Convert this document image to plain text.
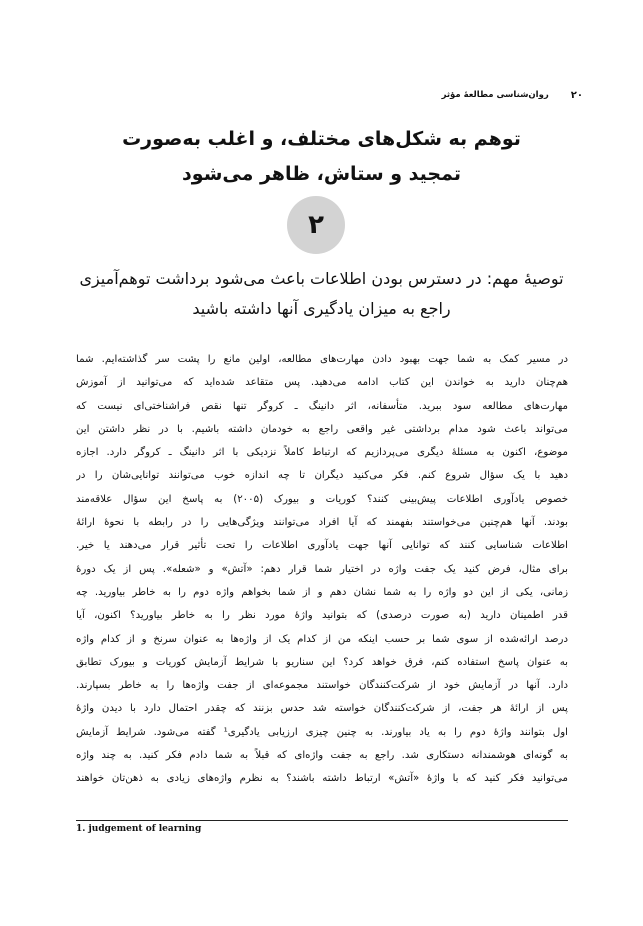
۲۰
روان‌شناسی مطالعهٔ مؤثر
توهم به شکل‌های مختلف، و اغلب به‌صورت
تمجید و ستاش، ظاهر می‌شود
۲
توصیهٔ مهم: در دسترس بودن اطلاعات باعث می‌شود برداشت توهم‌آمیزی
راجع به میزان یادگیری آنها داشته باشید
در مسیر کمک به شما جهت بهبود دادن مهارت‌های مطالعه، اولین مانع را پشت سر گذاشته‌ایم. شما
هم‌چنان دارید به خواندن این کتاب ادامه می‌دهید. پس متقاعد شده‌اید که می‌توانید از آموزش
مهارت‌های مطالعه سود ببرید. متأسفانه، اثر دانینگ ـ کروگر تنها نقص فراشناختی‌ای نیست که
می‌تواند باعث شود مدام برداشتی غیر واقعی راجع به خودمان داشته باشیم. با در نظر داشتن این
موضوع، اکنون به مسئلهٔ دیگری می‌پردازیم که ارتباط کاملاً نزدیکی با اثر دانینگ ـ کروگر دارد. اجازه
دهید با یک سؤال شروع کنم. فکر می‌کنید دیگران تا چه اندازه خوب می‌توانند توانایی‌شان را در
خصوص یادآوری اطلاعات پیش‌بینی کنند؟ کوریات و بیورک (۲۰۰۵) به پاسخ این سؤال علاقه‌مند
بودند. آنها هم‌چنین می‌خواستند بفهمند که آیا افراد می‌توانند ویژگی‌هایی را در رابطه با نحوهٔ ارائهٔ
اطلاعات شناسایی کنند که توانایی آنها جهت یادآوری اطلاعات را تحت تأثیر قرار می‌دهند یا خیر.
برای مثال، فرض کنید یک جفت واژه در اختیار شما قرار دهم: «آتش» و «شعله». پس از یک دورهٔ
زمانی، یکی از این دو واژه را به شما نشان دهم و از شما بخواهم واژه دوم را به خاطر بیاورید. چه
قدر اطمینان دارید (به صورت درصدی) که بتوانید واژهٔ مورد نظر را به خاطر بیاورید؟ اکنون، آیا
درصد ارائه‌شده از سوی شما بر حسب اینکه من از کدام یک از واژه‌ها به عنوان سرنخ و از کدام واژه
به عنوان پاسخ استفاده کنم، فرق خواهد کرد؟ این سناریو با شرایط آزمایش کوریات و بیورک تطابق
دارد. آنها در آزمایش خود از شرکت‌کنندگان خواستند مجموعه‌ای از جفت واژه‌ها را به خاطر بسپارند.
پس از ارائهٔ هر جفت، از شرکت‌کنندگان خواسته شد حدس بزنند که چقدر احتمال دارد با دیدن واژهٔ
اول بتوانند واژهٔ دوم را به یاد بیاورند. به چنین چیزی ارزیابی یادگیری¹ گفته می‌شود. شرایط آزمایش
به گونه‌ای هوشمندانه دستکاری شد. راجع به جفت واژه‌ای که قبلاً به شما دادم فکر کنید. به چند واژه
می‌توانید فکر کنید که با واژهٔ «آتش» ارتباط داشته باشند؟ به نظرم واژه‌های زیادی به ذهن‌تان خواهند
1. judgement of learning
